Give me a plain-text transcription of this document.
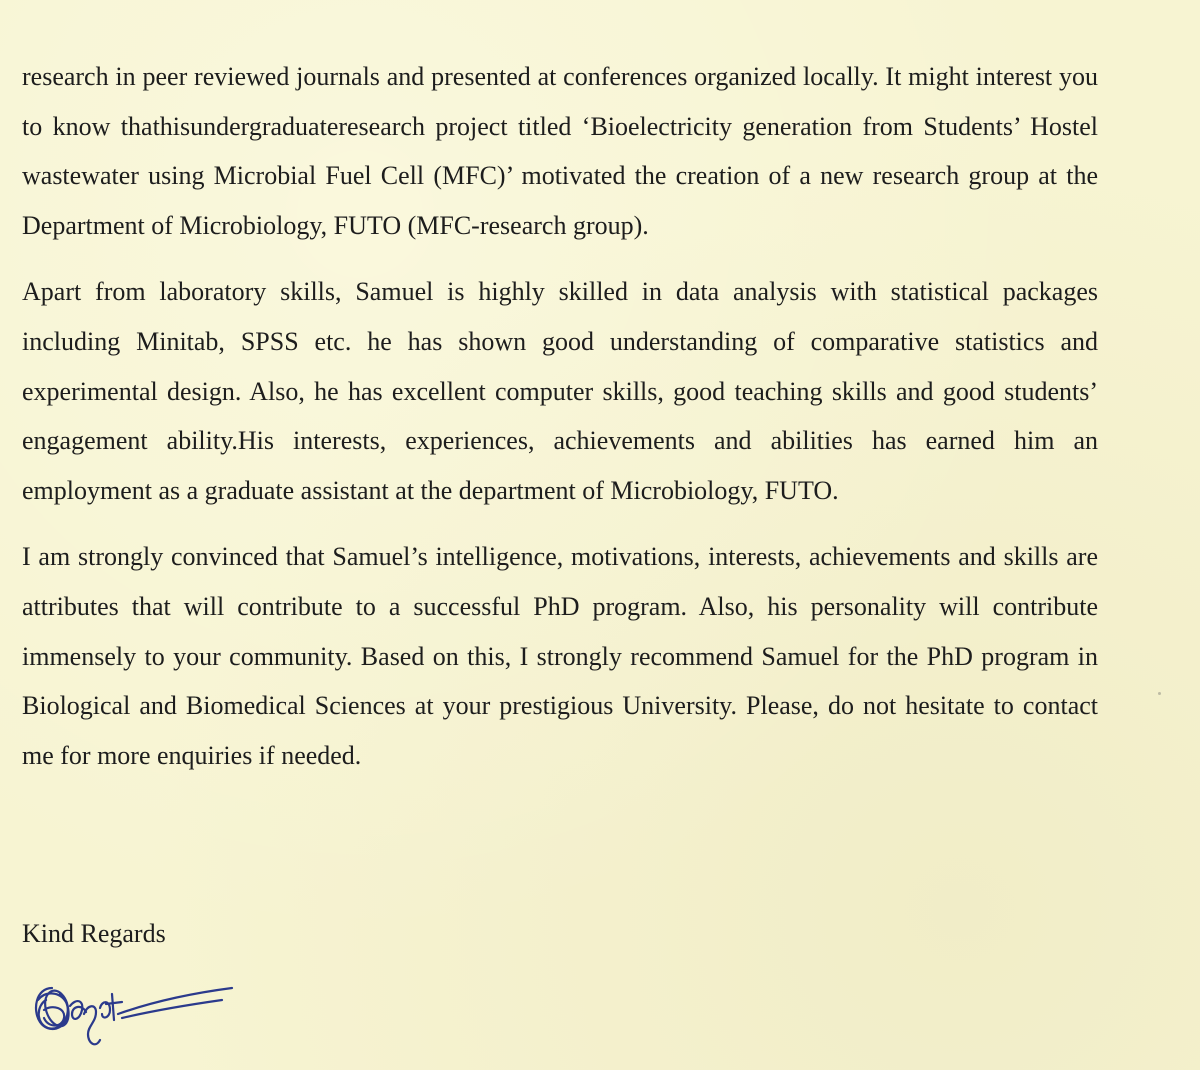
research in peer reviewed journals and presented at conferences organized locally. It might interest you to know thathisundergraduateresearch project titled ‘Bioelectricity generation from Students’ Hostel wastewater using Microbial Fuel Cell (MFC)’ motivated the creation of a new research group at the Department of Microbiology, FUTO (MFC-research group).

Apart from laboratory skills, Samuel is highly skilled in data analysis with statistical packages including Minitab, SPSS etc. he has shown good understanding of comparative statistics and experimental design. Also, he has excellent computer skills, good teaching skills and good students’ engagement ability.His interests, experiences, achievements and abilities has earned him an employment as a graduate assistant at the department of Microbiology, FUTO.

I am strongly convinced that Samuel’s intelligence, motivations, interests, achievements and skills are attributes that will contribute to a successful PhD program. Also, his personality will contribute immensely to your community. Based on this, I strongly recommend Samuel for the PhD program in Biological and Biomedical Sciences at your prestigious University. Please, do not hesitate to contact me for more enquiries if needed.

Kind Regards
